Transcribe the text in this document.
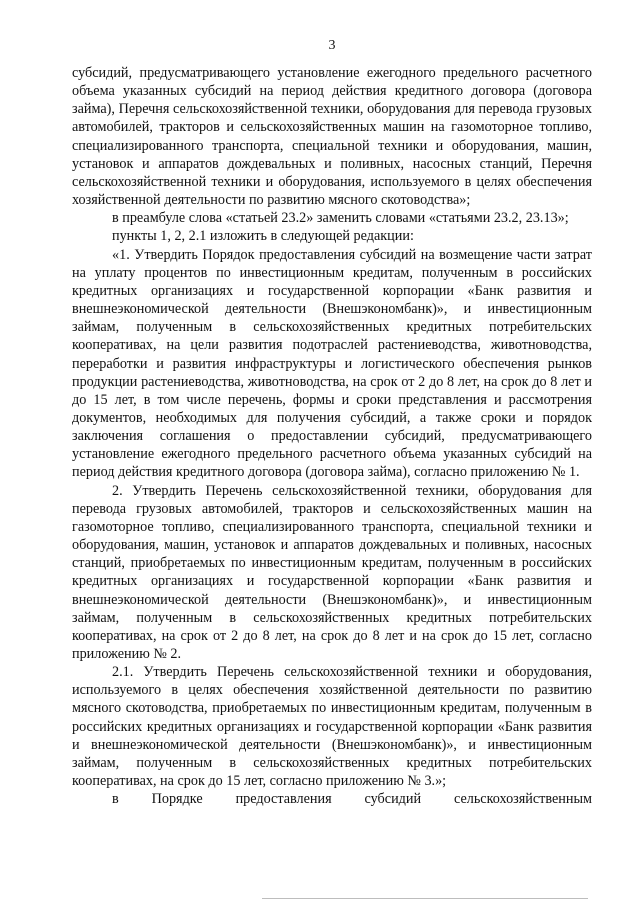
3

субсидий, предусматривающего установление ежегодного предельного расчетного объема указанных субсидий на период действия кредитного договора (договора займа), Перечня сельскохозяйственной техники, оборудования для перевода грузовых автомобилей, тракторов и сельскохозяйственных машин на газомоторное топливо, специализированного транспорта, специальной техники и оборудования, машин, установок и аппаратов дождевальных и поливных, насосных станций, Перечня сельскохозяйственной техники и оборудования, используемого в целях обеспечения хозяйственной деятельности по развитию мясного скотоводства»;

в преамбуле слова «статьей 23.2» заменить словами «статьями 23.2, 23.13»;

пункты 1, 2, 2.1 изложить в следующей редакции:

«1. Утвердить Порядок предоставления субсидий на возмещение части затрат на уплату процентов по инвестиционным кредитам, полученным в российских кредитных организациях и государственной корпорации «Банк развития и внешнеэкономической деятельности (Внешэкономбанк)», и инвестиционным займам, полученным в сельскохозяйственных кредитных потребительских кооперативах, на цели развития подотраслей растениеводства, животноводства, переработки и развития инфраструктуры и логистического обеспечения рынков продукции растениеводства, животноводства, на срок от 2 до 8 лет, на срок до 8 лет и до 15 лет, в том числе перечень, формы и сроки представления и рассмотрения документов, необходимых для получения субсидий, а также сроки и порядок заключения соглашения о предоставлении субсидий, предусматривающего установление ежегодного предельного расчетного объема указанных субсидий на период действия кредитного договора (договора займа), согласно приложению № 1.

2. Утвердить Перечень сельскохозяйственной техники, оборудования для перевода грузовых автомобилей, тракторов и сельскохозяйственных машин на газомоторное топливо, специализированного транспорта, специальной техники и оборудования, машин, установок и аппаратов дождевальных и поливных, насосных станций, приобретаемых по инвестиционным кредитам, полученным в российских кредитных организациях и государственной корпорации «Банк развития и внешнеэкономической деятельности (Внешэкономбанк)», и инвестиционным займам, полученным в сельскохозяйственных кредитных потребительских кооперативах, на срок от 2 до 8 лет, на срок до 8 лет и на срок до 15 лет, согласно приложению № 2.

2.1. Утвердить Перечень сельскохозяйственной техники и оборудования, используемого в целях обеспечения хозяйственной деятельности по развитию мясного скотоводства, приобретаемых по инвестиционным кредитам, полученным в российских кредитных организациях и государственной корпорации «Банк развития и внешнеэкономической деятельности (Внешэкономбанк)», и инвестиционным займам, полученным в сельскохозяйственных кредитных потребительских кооперативах, на срок до 15 лет, согласно приложению № 3.»;

в Порядке предоставления субсидий сельскохозяйственным
